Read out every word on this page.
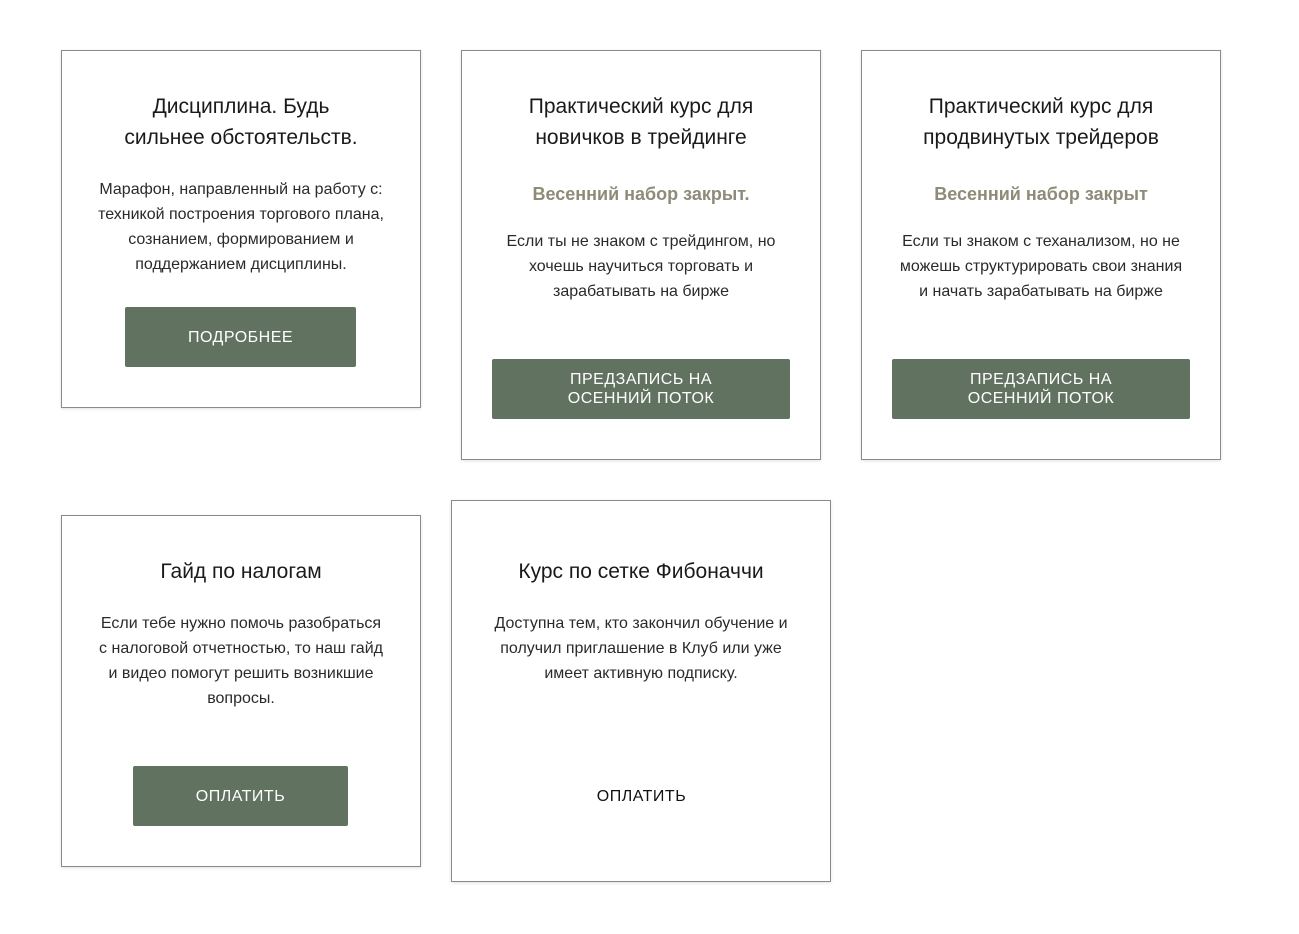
Дисциплина. Будь
сильнее обстоятельств.

Марафон, направленный на работу с: техникой построения торгового плана, сознанием, формированием и поддержанием дисциплины.

ПОДРОБНЕЕ
Практический курс для
новичков в трейдинге

Весенний набор закрыт.

Если ты не знаком с трейдингом, но хочешь научиться торговать и зарабатывать на бирже

ПРЕДЗАПИСЬ НА
ОСЕННИЙ ПОТОК
Практический курс для
продвинутых трейдеров

Весенний набор закрыт

Если ты знаком с теханализом, но не можешь структурировать свои знания и начать зарабатывать на бирже

ПРЕДЗАПИСЬ НА
ОСЕННИЙ ПОТОК
Гайд по налогам

Если тебе нужно помочь разобраться с налоговой отчетностью, то наш гайд и видео помогут решить возникшие вопросы.

ОПЛАТИТЬ
Курс по сетке Фибоначчи

Доступна тем, кто закончил обучение и получил приглашение в Клуб или уже имеет активную подписку.

ОПЛАТИТЬ
